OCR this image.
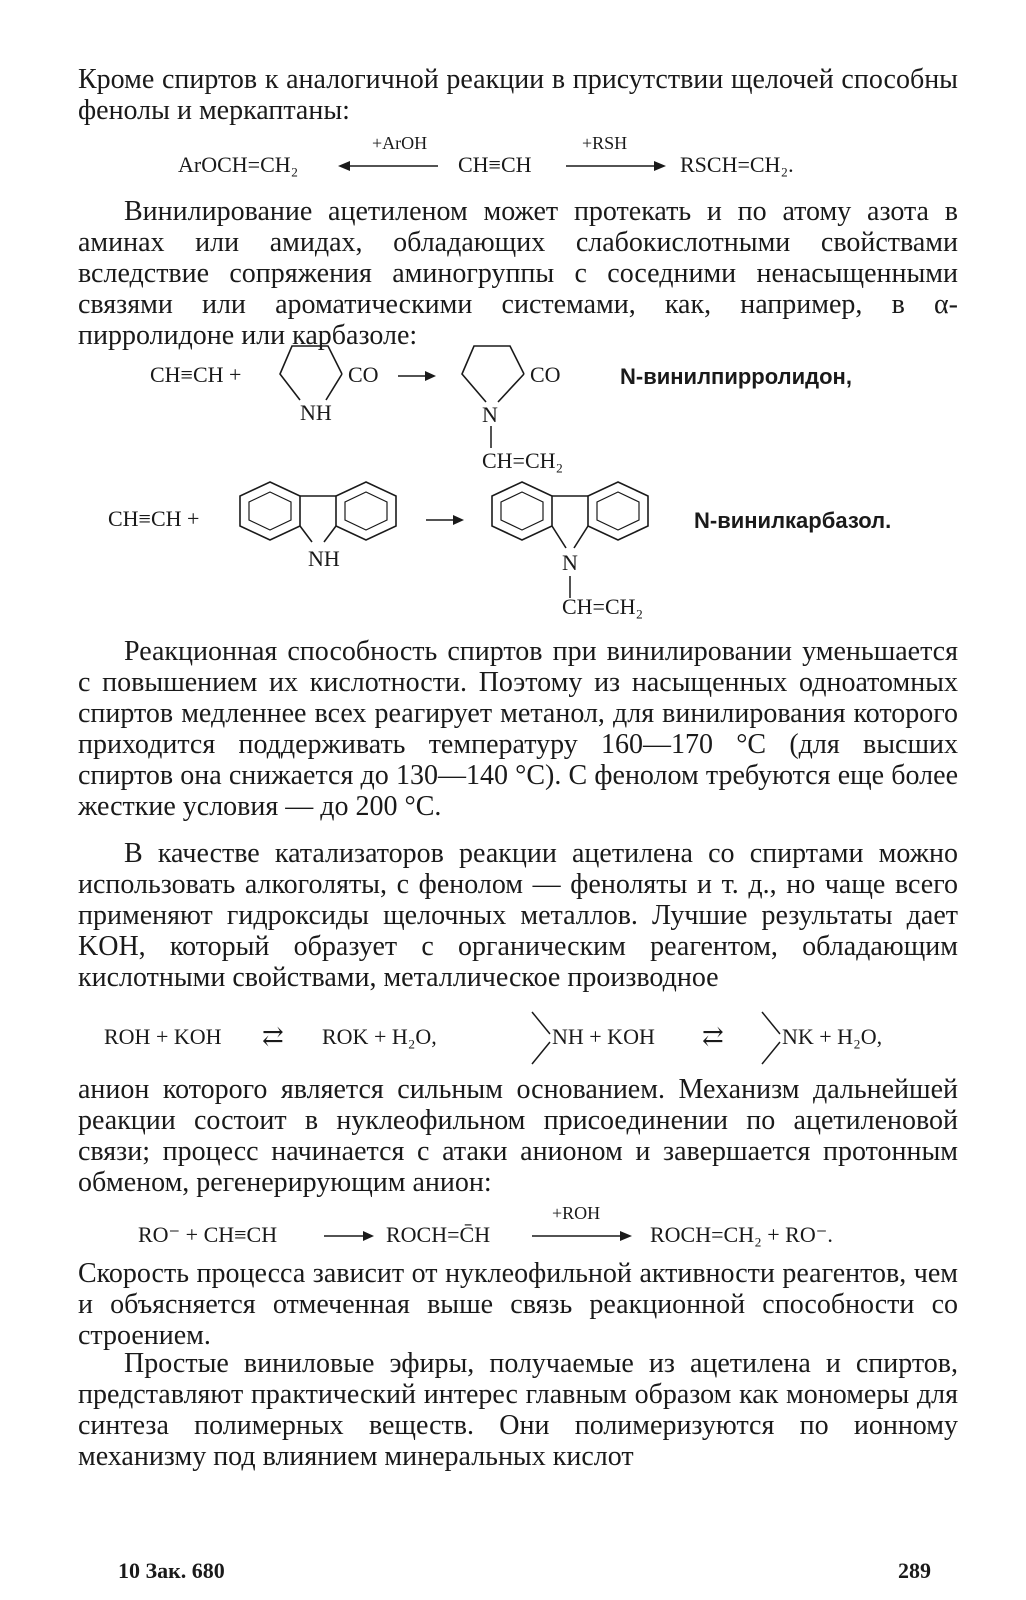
Кроме спиртов к аналогичной реакции в присутствии щелочей способны фенолы и меркаптаны:

ArOCH=CH₂
+ArOH
CH≡CH
+RSH
RSCH=CH₂.

Винилирование ацетиленом может протекать и по атому азота в аминах или амидах, обладающих слабокислотными свойствами вследствие сопряжения аминогруппы с соседними ненасыщенными связями или ароматическими системами, как, например, в α-пирролидоне или карбазоле:

CH≡CH +	CO
NH
CO
N
CH=CH₂
N-винилпирролидон,
CH≡CH +
NH	N
CH=CH₂
N-винилкарбазол.

Реакционная способность спиртов при винилировании уменьшается с повышением их кислотности. Поэтому из насыщенных одноатомных спиртов медленнее всех реагирует метанол, для винилирования которого приходится поддерживать температуру 160—170 °С (для высших спиртов она снижается до 130—140 °С). С фенолом требуются еще более жесткие условия — до 200 °С.

В качестве катализаторов реакции ацетилена со спиртами можно использовать алкоголяты, с фенолом — феноляты и т. д., но чаще всего применяют гидроксиды щелочных металлов. Лучшие результаты дает KOH, который образует с органическим реагентом, обладающим кислотными свойствами, металлическое производное

ROH + KOH ⇄ ROK + H₂O,	NH + KOH ⇄	NK + H₂O,

анион которого является сильным основанием. Механизм дальнейшей реакции состоит в нуклеофильном присоединении по ацетиленовой связи; процесс начинается с атаки анионом и завершается протонным обменом, регенерирующим анион:

RO⁻ + CH≡CH	→ ROCH=C̄H
+ROH
ROCH=CH₂ + RO⁻.

Скорость процесса зависит от нуклеофильной активности реагентов, чем и объясняется отмеченная выше связь реакционной способности со строением.

Простые виниловые эфиры, получаемые из ацетилена и спиртов, представляют практический интерес главным образом как мономеры для синтеза полимерных веществ. Они полимеризуются по ионному механизму под влиянием минеральных кислот

10 Зак. 680	289
